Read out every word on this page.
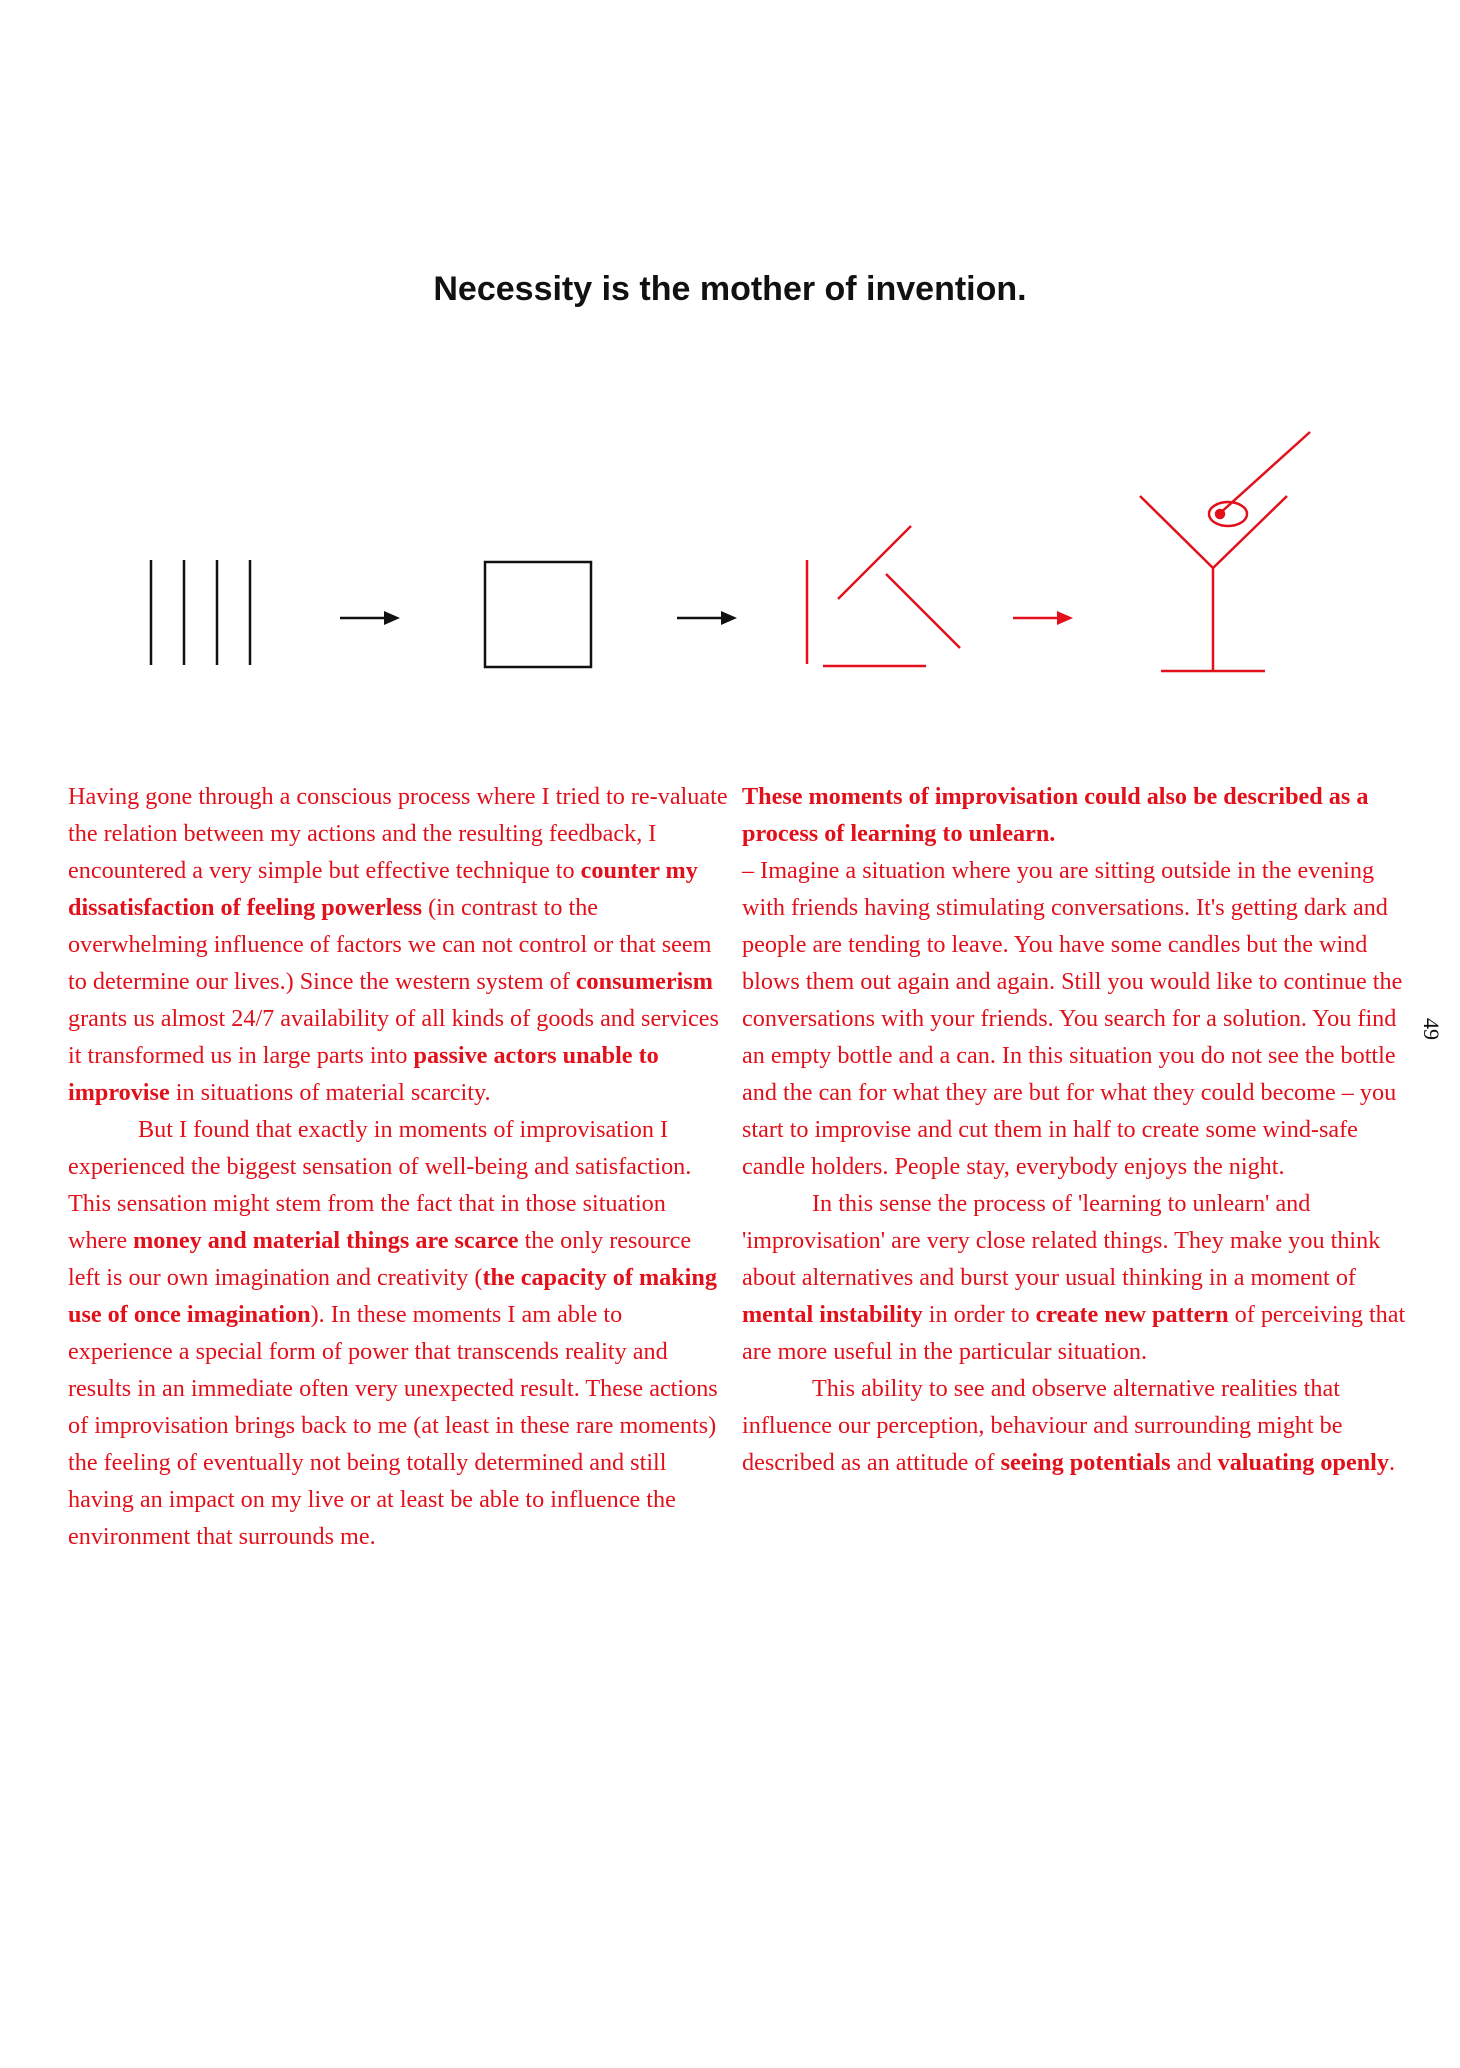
Necessity is the mother of invention.

Having gone through a conscious process where I tried to re-valuate the relation between my actions and the resulting feedback, I encountered a very simple but effective technique to counter my dissatisfaction of feeling powerless (in contrast to the overwhelming influence of factors we can not control or that seem to determine our lives.) Since the western system of consumerism grants us almost 24/7 availability of all kinds of goods and services it transformed us in large parts into passive actors unable to improvise in situations of material scarcity.

But I found that exactly in moments of improvisation I experienced the biggest sensation of well-being and satisfaction. This sensation might stem from the fact that in those situation where money and material things are scarce the only resource left is our own imagination and creativity (the capacity of making use of once imagination). In these moments I am able to experience a special form of power that transcends reality and results in an immediate often very unexpected result. These actions of improvisation brings back to me (at least in these rare moments) the feeling of eventually not being totally determined and still having an impact on my live or at least be able to influence the environment that surrounds me.

These moments of improvisation could also be described as a process of learning to unlearn.

– Imagine a situation where you are sitting outside in the evening with friends having stimulating conversations. It's getting dark and people are tending to leave. You have some candles but the wind blows them out again and again. Still you would like to continue the conversations with your friends. You search for a solution. You find an empty bottle and a can. In this situation you do not see the bottle and the can for what they are but for what they could become – you start to improvise and cut them in half to create some wind-safe candle holders. People stay, everybody enjoys the night.

In this sense the process of 'learning to unlearn' and 'improvisation' are very close related things. They make you think about alternatives and burst your usual thinking in a moment of mental instability in order to create new pattern of perceiving that are more useful in the particular situation.

This ability to see and observe alternative realities that influence our perception, behaviour and surrounding might be described as an attitude of seeing potentials and valuating openly.

49
